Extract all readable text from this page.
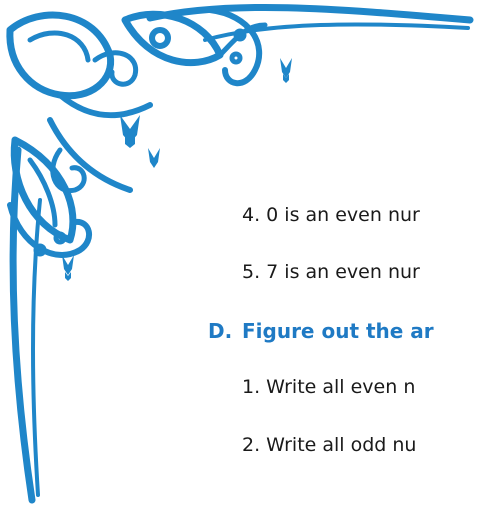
4. 0 is an even nur
5. 7 is an even nur
D. Figure out the ar
1. Write all even n
2. Write all odd nu
